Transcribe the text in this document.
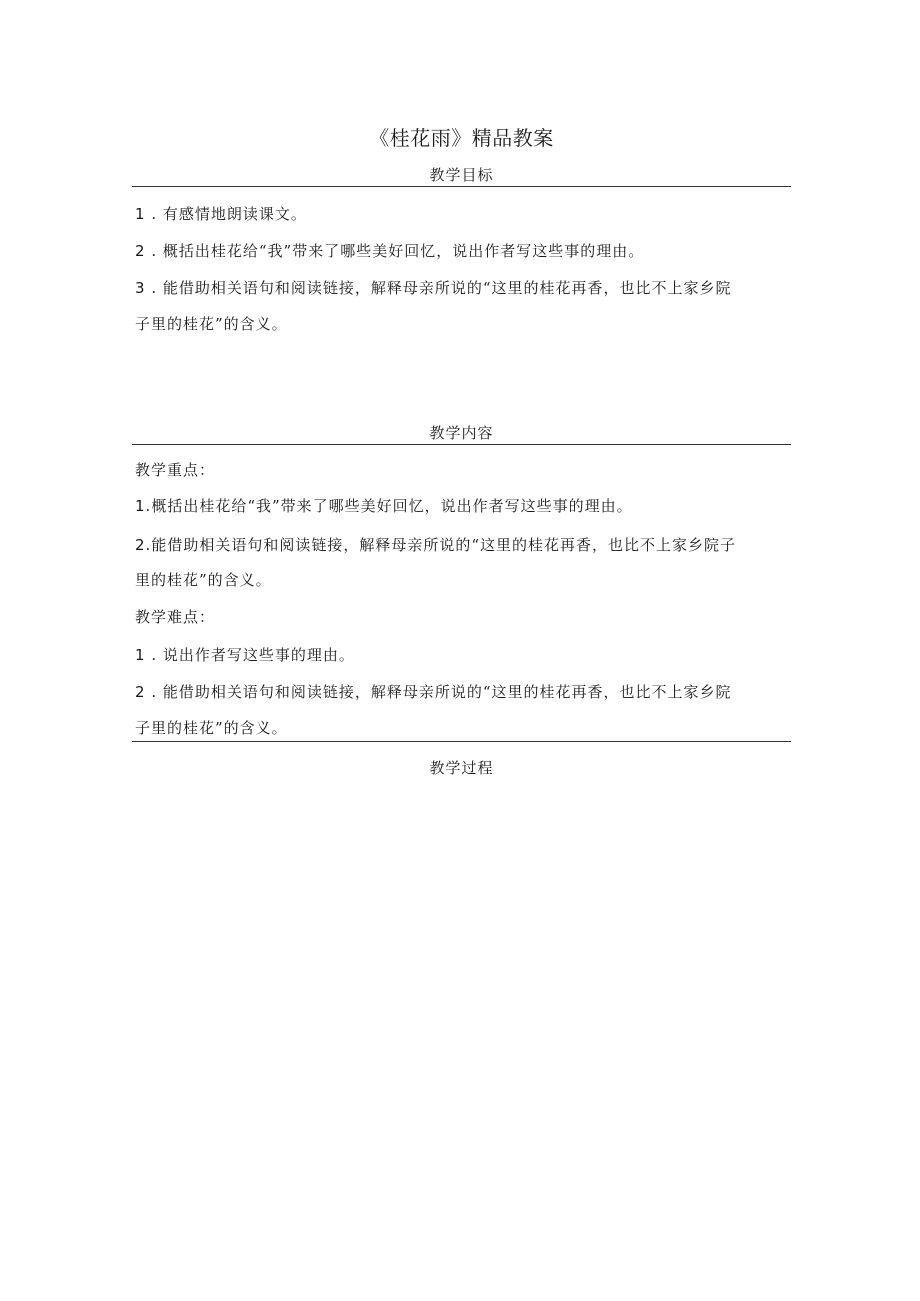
《桂花雨》精品教案
教学目标
1 . 有感情地朗读课文。
2 . 概括出桂花给“我”带来了哪些美好回忆，说出作者写这些事的理由。
3 . 能借助相关语句和阅读链接，解释母亲所说的“这里的桂花再香，也比不上家乡院
子里的桂花”的含义。
教学内容
教学重点：
1.概括出桂花给“我”带来了哪些美好回忆，说出作者写这些事的理由。
2.能借助相关语句和阅读链接，解释母亲所说的“这里的桂花再香，也比不上家乡院子
里的桂花”的含义。
教学难点：
1 . 说出作者写这些事的理由。
2 . 能借助相关语句和阅读链接，解释母亲所说的“这里的桂花再香，也比不上家乡院
子里的桂花”的含义。
教学过程
